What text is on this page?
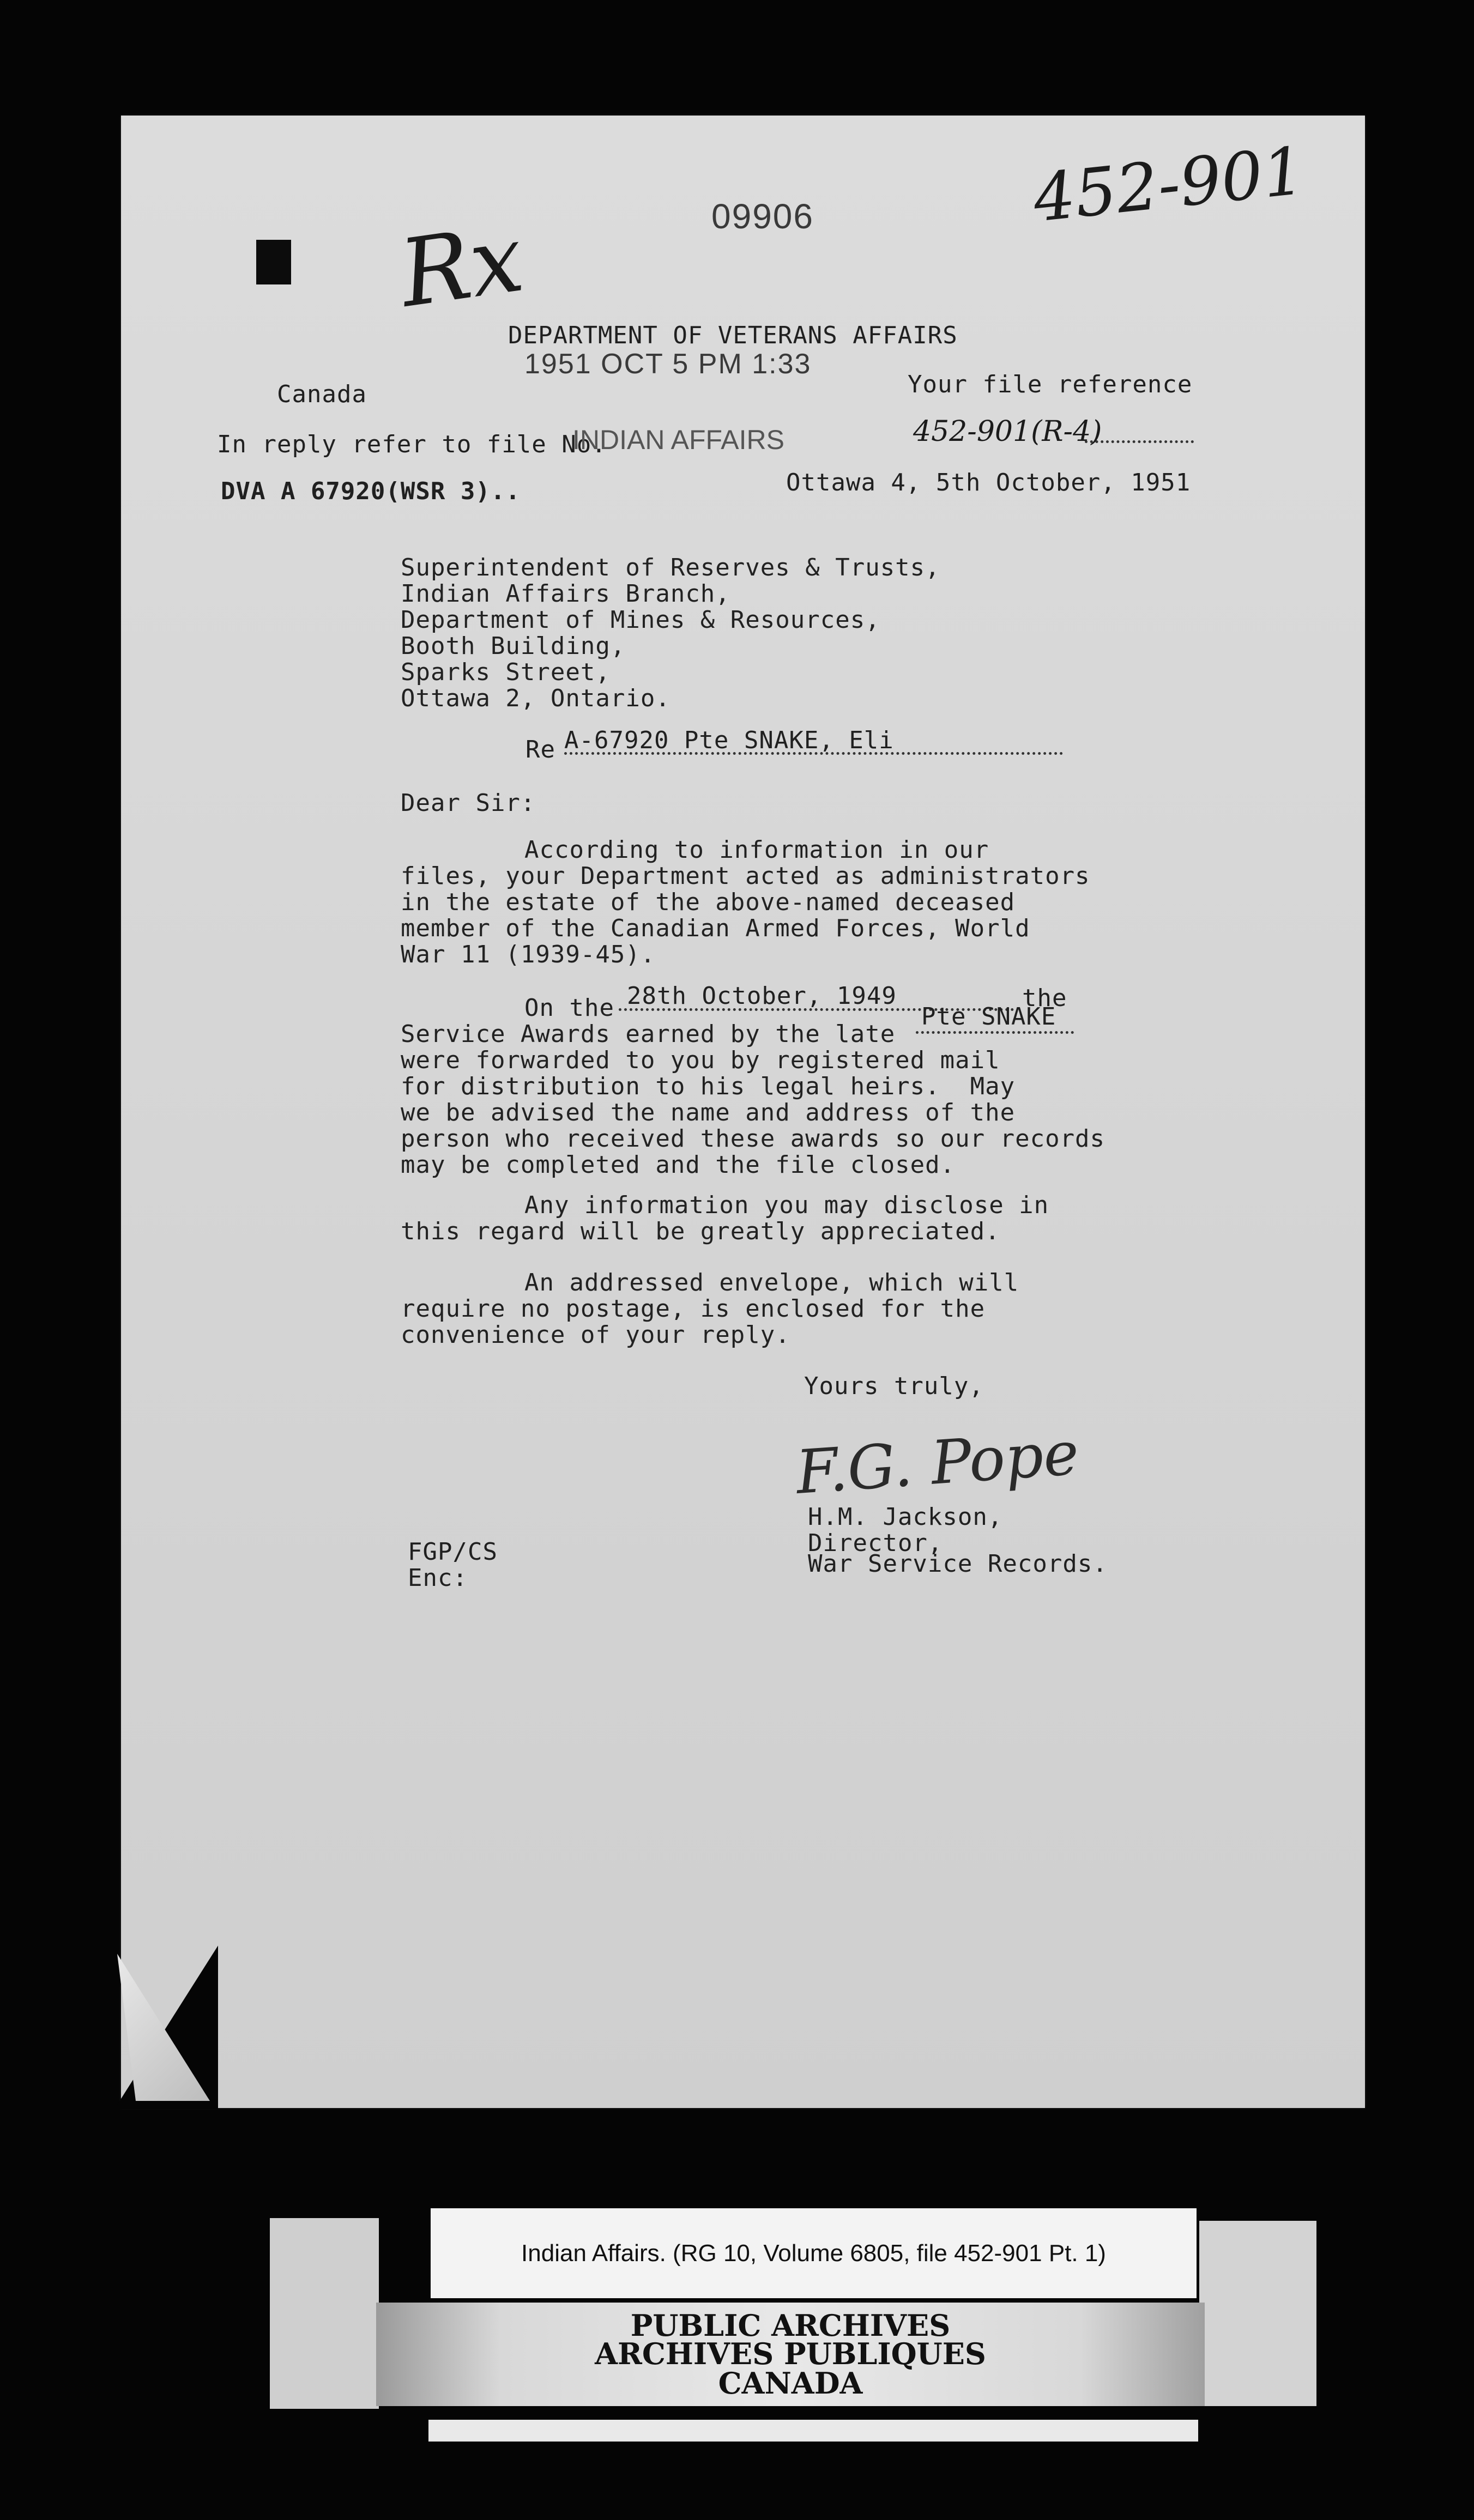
452-901
Rx	09906
DEPARTMENT OF VETERANS AFFAIRS
1951 OCT 5 PM 1:33
Canada	Your file reference
In reply refer to file No.
INDIAN AFFAIRS	452-901(R-4)
DVA A 67920(WSR 3)..	Ottawa 4, 5th October, 1951
Superintendent of Reserves & Trusts,
Indian Affairs Branch,
Department of Mines & Resources,
Booth Building,
Sparks Street,
Ottawa 2, Ontario.
Re A-67920 Pte SNAKE, Eli
Dear Sir:
According to information in our
files, your Department acted as administrators
in the estate of the above-named deceased
member of the Canadian Armed Forces, World
War 11 (1939-45).
On the 28th October, 1949	the
Service Awards earned by the late
Pte SNAKE
were forwarded to you by registered mail
for distribution to his legal heirs.  May
we be advised the name and address of the
person who received these awards so our records
may be completed and the file closed.
Any information you may disclose in
this regard will be greatly appreciated.
An addressed envelope, which will
require no postage, is enclosed for the
convenience of your reply.
Yours truly,
F.G. Pope
H.M. Jackson,
Director,
War Service Records.
FGP/CS
Enc:
Indian Affairs. (RG 10, Volume 6805, file 452-901 Pt. 1)
PUBLIC ARCHIVES
ARCHIVES PUBLIQUES
CANADA
